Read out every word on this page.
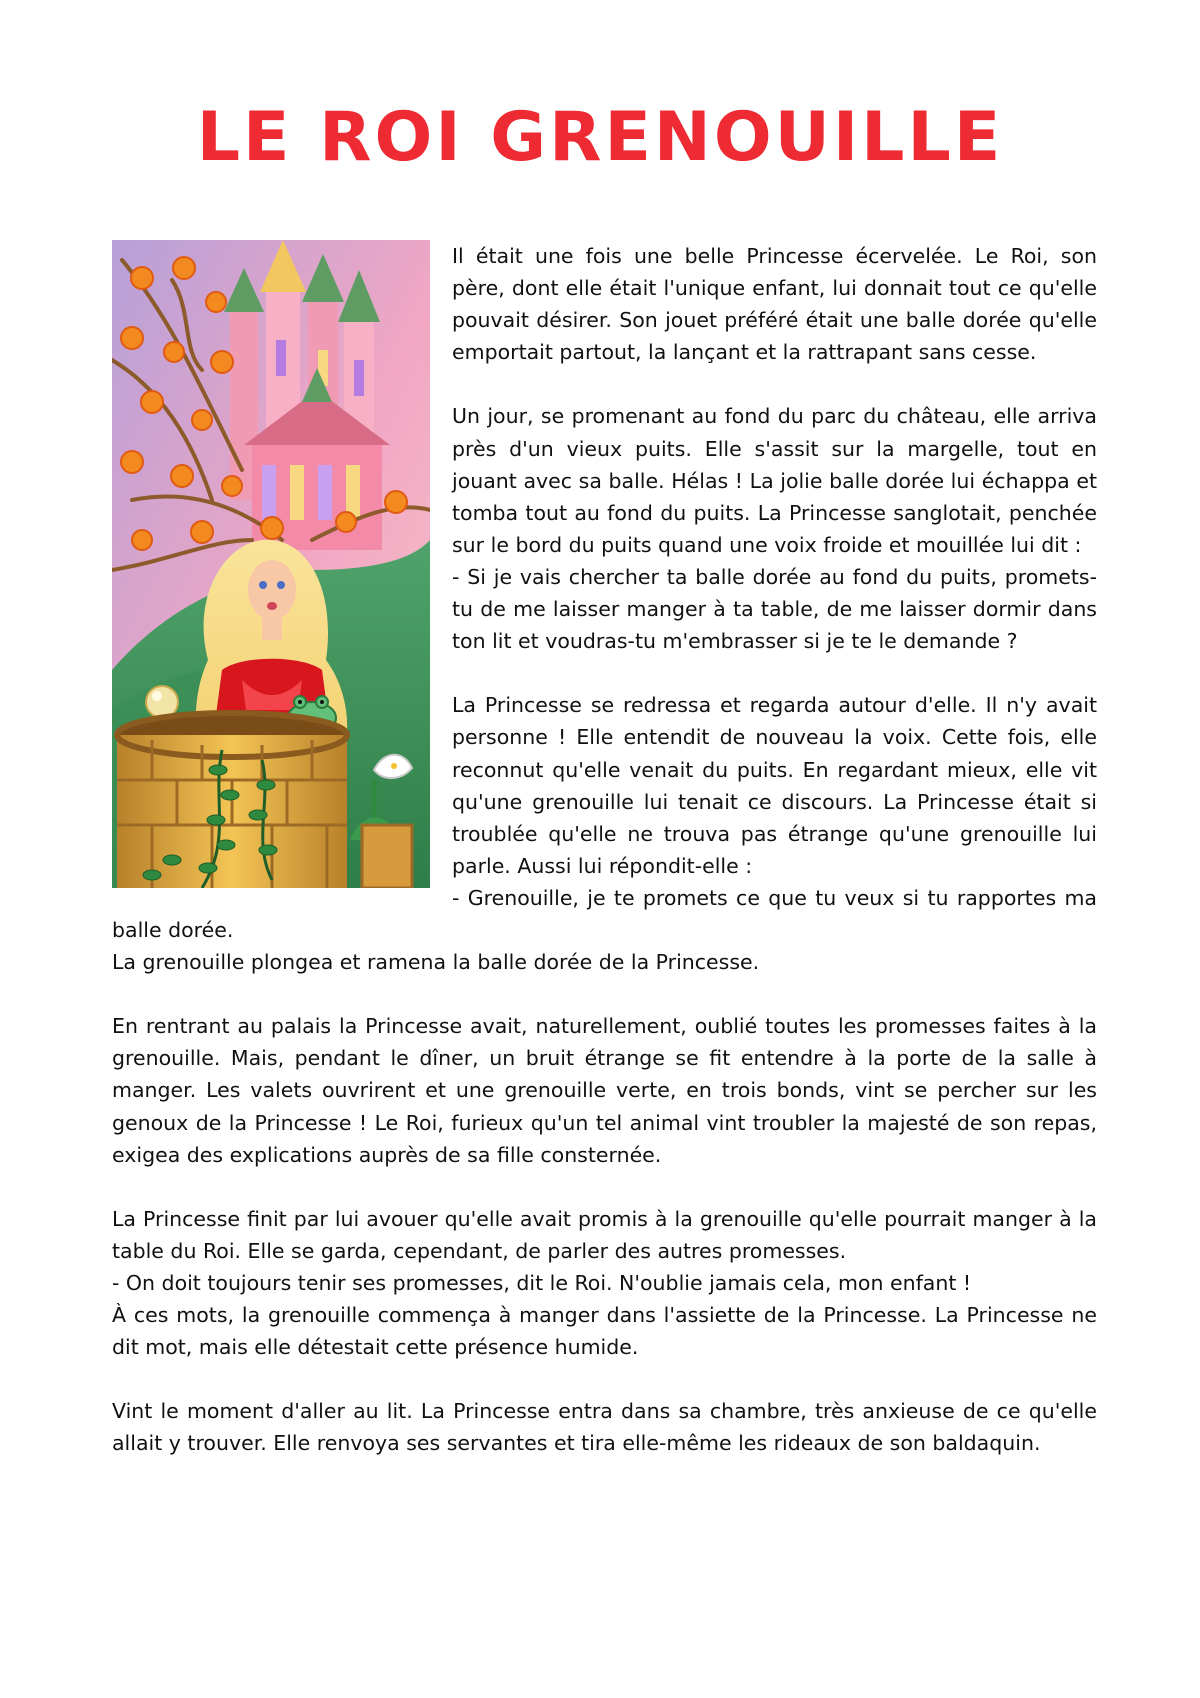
LE ROI GRENOUILLE

Il était une fois une belle Princesse écervelée. Le Roi, son père, dont elle était l'unique enfant, lui donnait tout ce qu'elle pouvait désirer. Son jouet préféré était une balle dorée qu'elle emportait partout, la lançant et la rattrapant sans cesse.

Un jour, se promenant au fond du parc du château, elle arriva près d'un vieux puits. Elle s'assit sur la margelle, tout en jouant avec sa balle. Hélas ! La jolie balle dorée lui échappa et tomba tout au fond du puits. La Princesse sanglotait, penchée sur le bord du puits quand une voix froide et mouillée lui dit :

- Si je vais chercher ta balle dorée au fond du puits, promets-tu de me laisser manger à ta table, de me laisser dormir dans ton lit et voudras-tu m'embrasser si je te le demande ?

La Princesse se redressa et regarda autour d'elle. Il n'y avait personne ! Elle entendit de nouveau la voix. Cette fois, elle reconnut qu'elle venait du puits. En regardant mieux, elle vit qu'une grenouille lui tenait ce discours. La Princesse était si troublée qu'elle ne trouva pas étrange qu'une grenouille lui parle. Aussi lui répondit-elle :

- Grenouille, je te promets ce que tu veux si tu rapportes ma balle dorée.

La grenouille plongea et ramena la balle dorée de la Princesse.

En rentrant au palais la Princesse avait, naturellement, oublié toutes les promesses faites à la grenouille. Mais, pendant le dîner, un bruit étrange se fit entendre à la porte de la salle à manger. Les valets ouvrirent et une grenouille verte, en trois bonds, vint se percher sur les genoux de la Princesse ! Le Roi, furieux qu'un tel animal vint troubler la majesté de son repas, exigea des explications auprès de sa fille consternée.

La Princesse finit par lui avouer qu'elle avait promis à la grenouille qu'elle pourrait manger à la table du Roi. Elle se garda, cependant, de parler des autres promesses.

- On doit toujours tenir ses promesses, dit le Roi. N'oublie jamais cela, mon enfant !

À ces mots, la grenouille commença à manger dans l'assiette de la Princesse. La Princesse ne dit mot, mais elle détestait cette présence humide.

Vint le moment d'aller au lit. La Princesse entra dans sa chambre, très anxieuse de ce qu'elle allait y trouver. Elle renvoya ses servantes et tira elle-même les rideaux de son baldaquin.
